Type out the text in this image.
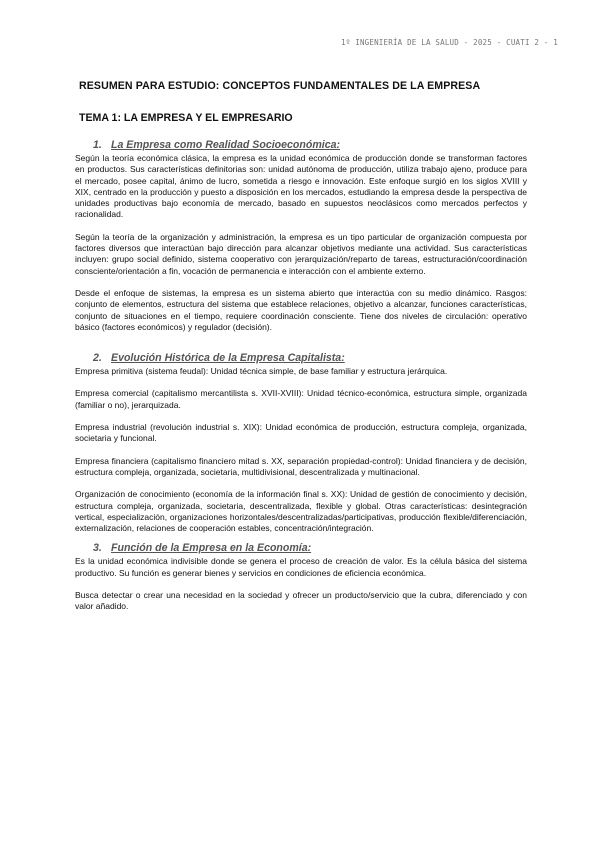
1º INGENIERÍA DE LA SALUD - 2025 - CUATI 2 - 1
RESUMEN PARA ESTUDIO: CONCEPTOS FUNDAMENTALES DE LA EMPRESA
TEMA 1: LA EMPRESA Y EL EMPRESARIO
1. La Empresa como Realidad Socioeconómica:

Según la teoría económica clásica, la empresa es la unidad económica de producción donde se transforman factores en productos. Sus características definitorias son: unidad autónoma de producción, utiliza trabajo ajeno, produce para el mercado, posee capital, ánimo de lucro, sometida a riesgo e innovación. Este enfoque surgió en los siglos XVIII y XIX, centrado en la producción y puesto a disposición en los mercados, estudiando la empresa desde la perspectiva de unidades productivas bajo economía de mercado, basado en supuestos neoclásicos como mercados perfectos y racionalidad.

Según la teoría de la organización y administración, la empresa es un tipo particular de organización compuesta por factores diversos que interactúan bajo dirección para alcanzar objetivos mediante una actividad. Sus características incluyen: grupo social definido, sistema cooperativo con jerarquización/reparto de tareas, estructuración/coordinación consciente/orientación a fin, vocación de permanencia e interacción con el ambiente externo.

Desde el enfoque de sistemas, la empresa es un sistema abierto que interactúa con su medio dinámico. Rasgos: conjunto de elementos, estructura del sistema que establece relaciones, objetivo a alcanzar, funciones características, conjunto de situaciones en el tiempo, requiere coordinación consciente. Tiene dos niveles de circulación: operativo básico (factores económicos) y regulador (decisión).

2. Evolución Histórica de la Empresa Capitalista:

Empresa primitiva (sistema feudal): Unidad técnica simple, de base familiar y estructura jerárquica.

Empresa comercial (capitalismo mercantilista s. XVII-XVIII): Unidad técnico-económica, estructura simple, organizada (familiar o no), jerarquizada.

Empresa industrial (revolución industrial s. XIX): Unidad económica de producción, estructura compleja, organizada, societaria y funcional.

Empresa financiera (capitalismo financiero mitad s. XX, separación propiedad-control): Unidad financiera y de decisión, estructura compleja, organizada, societaria, multidivisional, descentralizada y multinacional.

Organización de conocimiento (economía de la información final s. XX): Unidad de gestión de conocimiento y decisión, estructura compleja, organizada, societaria, descentralizada, flexible y global. Otras características: desintegración vertical, especialización, organizaciones horizontales/descentralizadas/participativas, producción flexible/diferenciación, externalización, relaciones de cooperación estables, concentración/integración.

3. Función de la Empresa en la Economía:

Es la unidad económica indivisible donde se genera el proceso de creación de valor. Es la célula básica del sistema productivo. Su función es generar bienes y servicios en condiciones de eficiencia económica.

Busca detectar o crear una necesidad en la sociedad y ofrecer un producto/servicio que la cubra, diferenciado y con valor añadido.
